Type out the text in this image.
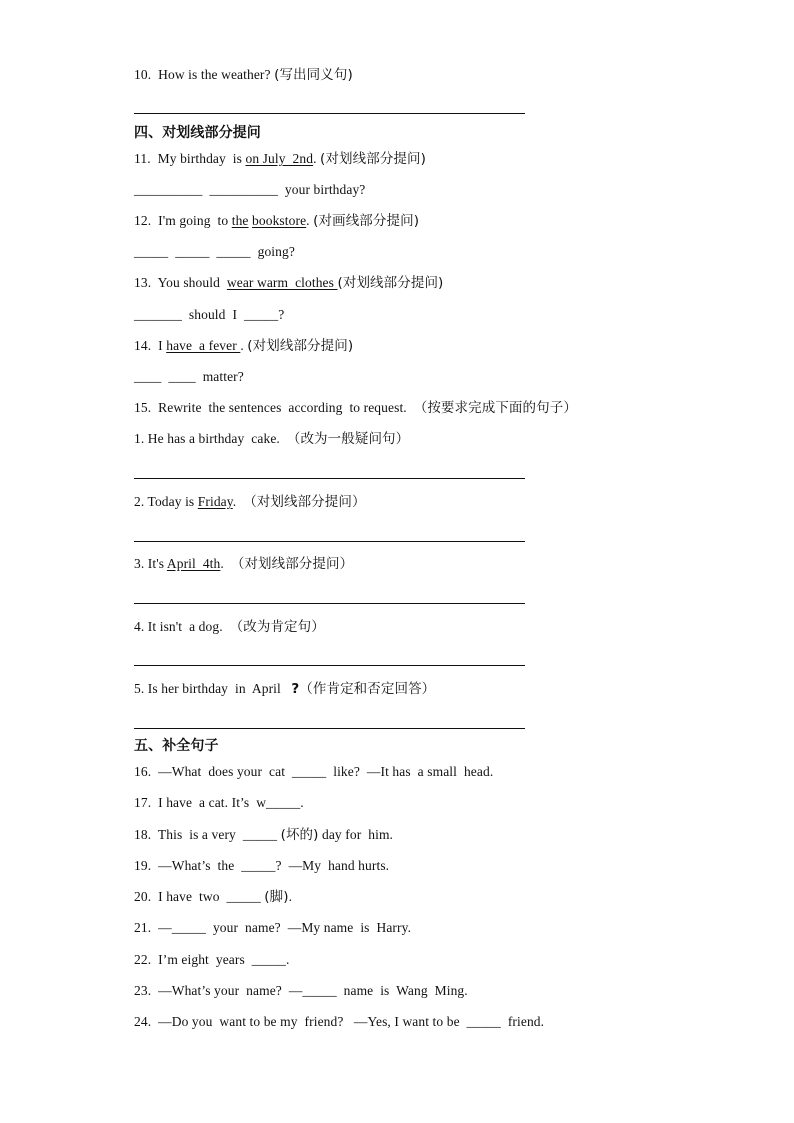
10. How is the weather? (写出同义句)
四、对划线部分提问
11. My birthday  is on July  2nd. (对划线部分提问)
__________  __________  your birthday?
12. I'm going  to the bookstore. (对画线部分提问)
_____  _____  _____  going?
13. You should  wear warm  clothes (对划线部分提问)
_______  should  I  _____?
14. I have  a fever . (对划线部分提问)
____  ____  matter?
15. Rewrite  the sentences  according  to request. （按要求完成下面的句子）
1. He has a birthday  cake. （改为一般疑问句）
2. Today is Friday. （对划线部分提问）
3. It's April  4th. （对划线部分提问）
4. It isn't  a dog. （改为肯定句）
5. Is her birthday  in  April ?（作肯定和否定回答）
五、补全句子
16. —What  does your  cat  _____  like?  —It has  a small  head.
17. I have  a cat. It’s  w_____.
18. This  is a very  _____ (坏的) day for  him.
19. —What’s  the  _____?  —My  hand hurts.
20. I have  two  _____ (脚).
21. —_____  your  name?  —My name  is  Harry.
22. I’m eight  years  _____.
23. —What’s your  name?  —_____  name  is  Wang  Ming.
24. —Do you  want to be my  friend?   —Yes, I want to be  _____  friend.
